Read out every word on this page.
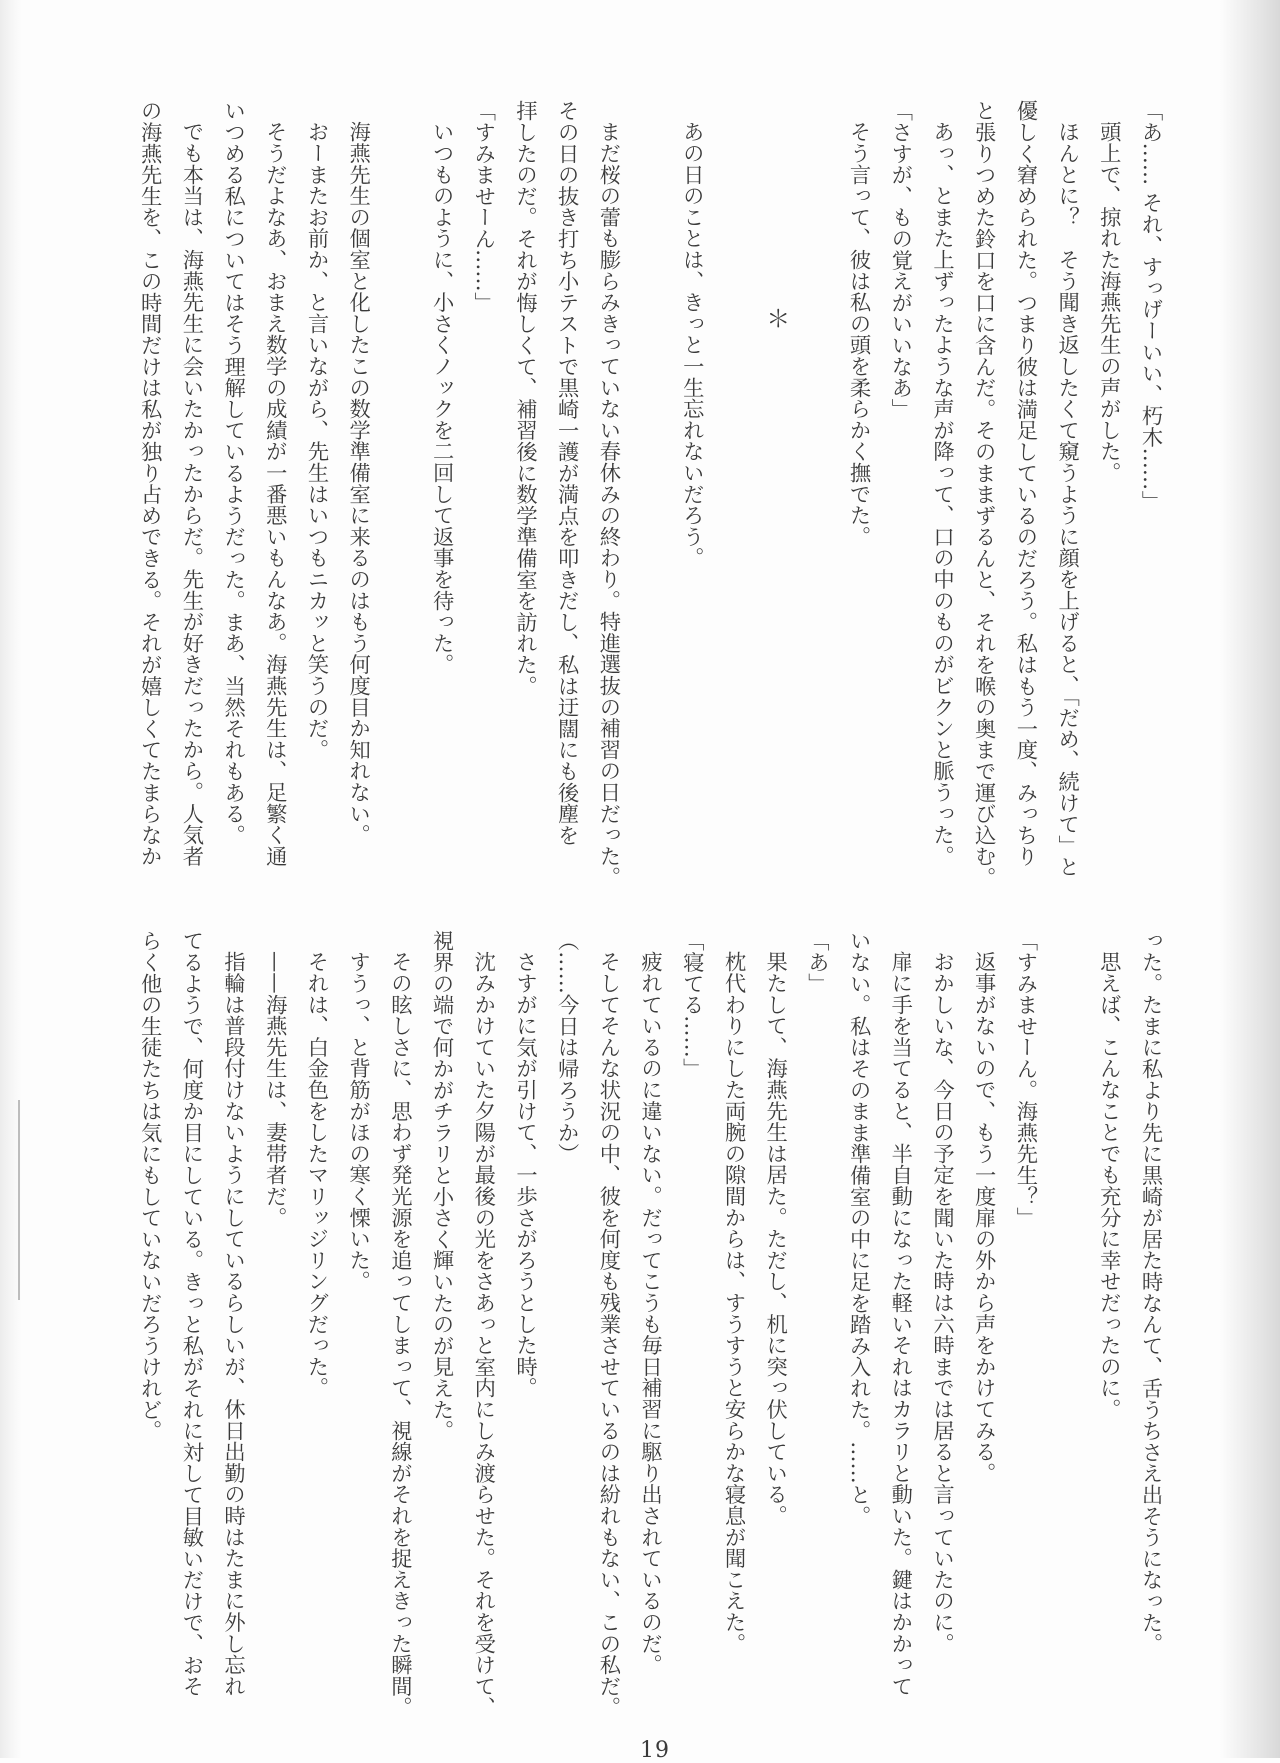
「あ…… それ、すっげーいい、朽木……」
頭上で、掠れた海燕先生の声がした。
ほんとに？　そう聞き返したくて窺うように顔を上げると、「だめ、続けて」と
優しく窘められた。つまり彼は満足しているのだろう。私はもう一度、みっちり
と張りつめた鈴口を口に含んだ。そのままずるんと、それを喉の奥まで運び込む。
あっ、とまた上ずったような声が降って、口の中のものがビクンと脈うった。
「さすが、もの覚えがいいなあ」
そう言って、彼は私の頭を柔らかく撫でた。
＊
あの日のことは、きっと一生忘れないだろう。
まだ桜の蕾も膨らみきっていない春休みの終わり。特進選抜の補習の日だった。
その日の抜き打ち小テストで黒崎一護が満点を叩きだし、私は迂闊にも後塵を
拝したのだ。それが悔しくて、補習後に数学準備室を訪れた。
「すみませーん……」
いつものように、小さくノックを二回して返事を待った。
海燕先生の個室と化したこの数学準備室に来るのはもう何度目か知れない。
おーまたお前か、と言いながら、先生はいつもニカッと笑うのだ。
そうだよなあ、おまえ数学の成績が一番悪いもんなあ。海燕先生は、足繁く通
いつめる私についてはそう理解しているようだった。まあ、当然それもある。
でも本当は、海燕先生に会いたかったからだ。先生が好きだったから。人気者
の海燕先生を、この時間だけは私が独り占めできる。それが嬉しくてたまらなか
った。たまに私より先に黒崎が居た時なんて、舌うちさえ出そうになった。
思えば、こんなことでも充分に幸せだったのに。
「すみませーん。海燕先生？」
返事がないので、もう一度扉の外から声をかけてみる。
おかしいな、今日の予定を聞いた時は六時までは居ると言っていたのに。
扉に手を当てると、半自動になった軽いそれはカラリと動いた。鍵はかかって
いない。私はそのまま準備室の中に足を踏み入れた。……と。
「あ」
果たして、海燕先生は居た。ただし、机に突っ伏している。
枕代わりにした両腕の隙間からは、すうすうと安らかな寝息が聞こえた。
「寝てる……」
疲れているのに違いない。だってこうも毎日補習に駆り出されているのだ。
そしてそんな状況の中、彼を何度も残業させているのは紛れもない、この私だ。
（……今日は帰ろうか）
さすがに気が引けて、一歩さがろうとした時。
沈みかけていた夕陽が最後の光をさあっと室内にしみ渡らせた。それを受けて、
視界の端で何かがチラリと小さく輝いたのが見えた。
その眩しさに、思わず発光源を追ってしまって、視線がそれを捉えきった瞬間。
すうっ、と背筋がほの寒く慄いた。
それは、白金色をしたマリッジリングだった。
——海燕先生は、妻帯者だ。
指輪は普段付けないようにしているらしいが、休日出勤の時はたまに外し忘れ
てるようで、何度か目にしている。きっと私がそれに対して目敏いだけで、おそ
らく他の生徒たちは気にもしていないだろうけれど。
19
